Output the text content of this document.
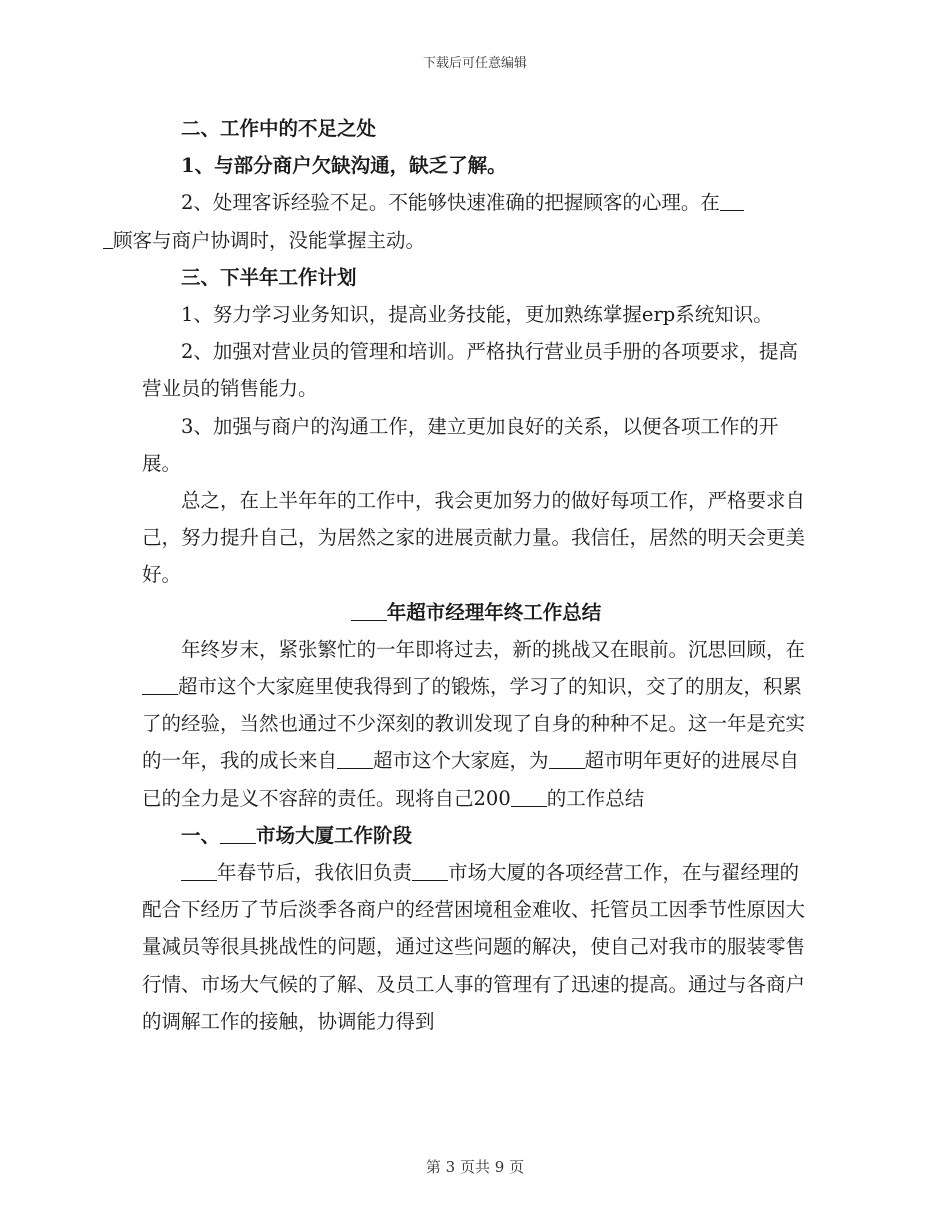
下载后可任意编辑

二、工作中的不足之处

1、与部分商户欠缺沟通，缺乏了解。

2、处理客诉经验不足。不能够快速准确的把握顾客的心理。在
顾客与商户协调时，没能掌握主动。

三、下半年工作计划

1、努力学习业务知识，提高业务技能，更加熟练掌握erp系统知识。

2、加强对营业员的管理和培训。严格执行营业员手册的各项要求，提高营业员的销售能力。

3、加强与商户的沟通工作，建立更加良好的关系，以便各项工作的开展。

总之，在上半年年的工作中，我会更加努力的做好每项工作，严格要求自己，努力提升自己，为居然之家的进展贡献力量。我信任，居然的明天会更美好。

年超市经理年终工作总结

年终岁末，紧张繁忙的一年即将过去，新的挑战又在眼前。沉思回顾，在超市这个大家庭里使我得到了的锻炼，学习了的知识，交了的朋友，积累了的经验，当然也通过不少深刻的教训发现了自身的种种不足。这一年是充实的一年，我的成长来自 超市这个大家庭，为 超市明年更好的进展尽自已的全力是义不容辞的责任。现将自己200 的工作总结

一、 市场大厦工作阶段

年春节后，我依旧负责 市场大厦的各项经营工作，在与翟经理的配合下经历了节后淡季各商户的经营困境租金难收、托管员工因季节性原因大量减员等很具挑战性的问题，通过这些问题的解决，使自己对我市的服装零售行情、市场大气候的了解、及员工人事的管理有了迅速的提高。通过与各商户的调解工作的接触，协调能力得到

第 3 页共 9 页
